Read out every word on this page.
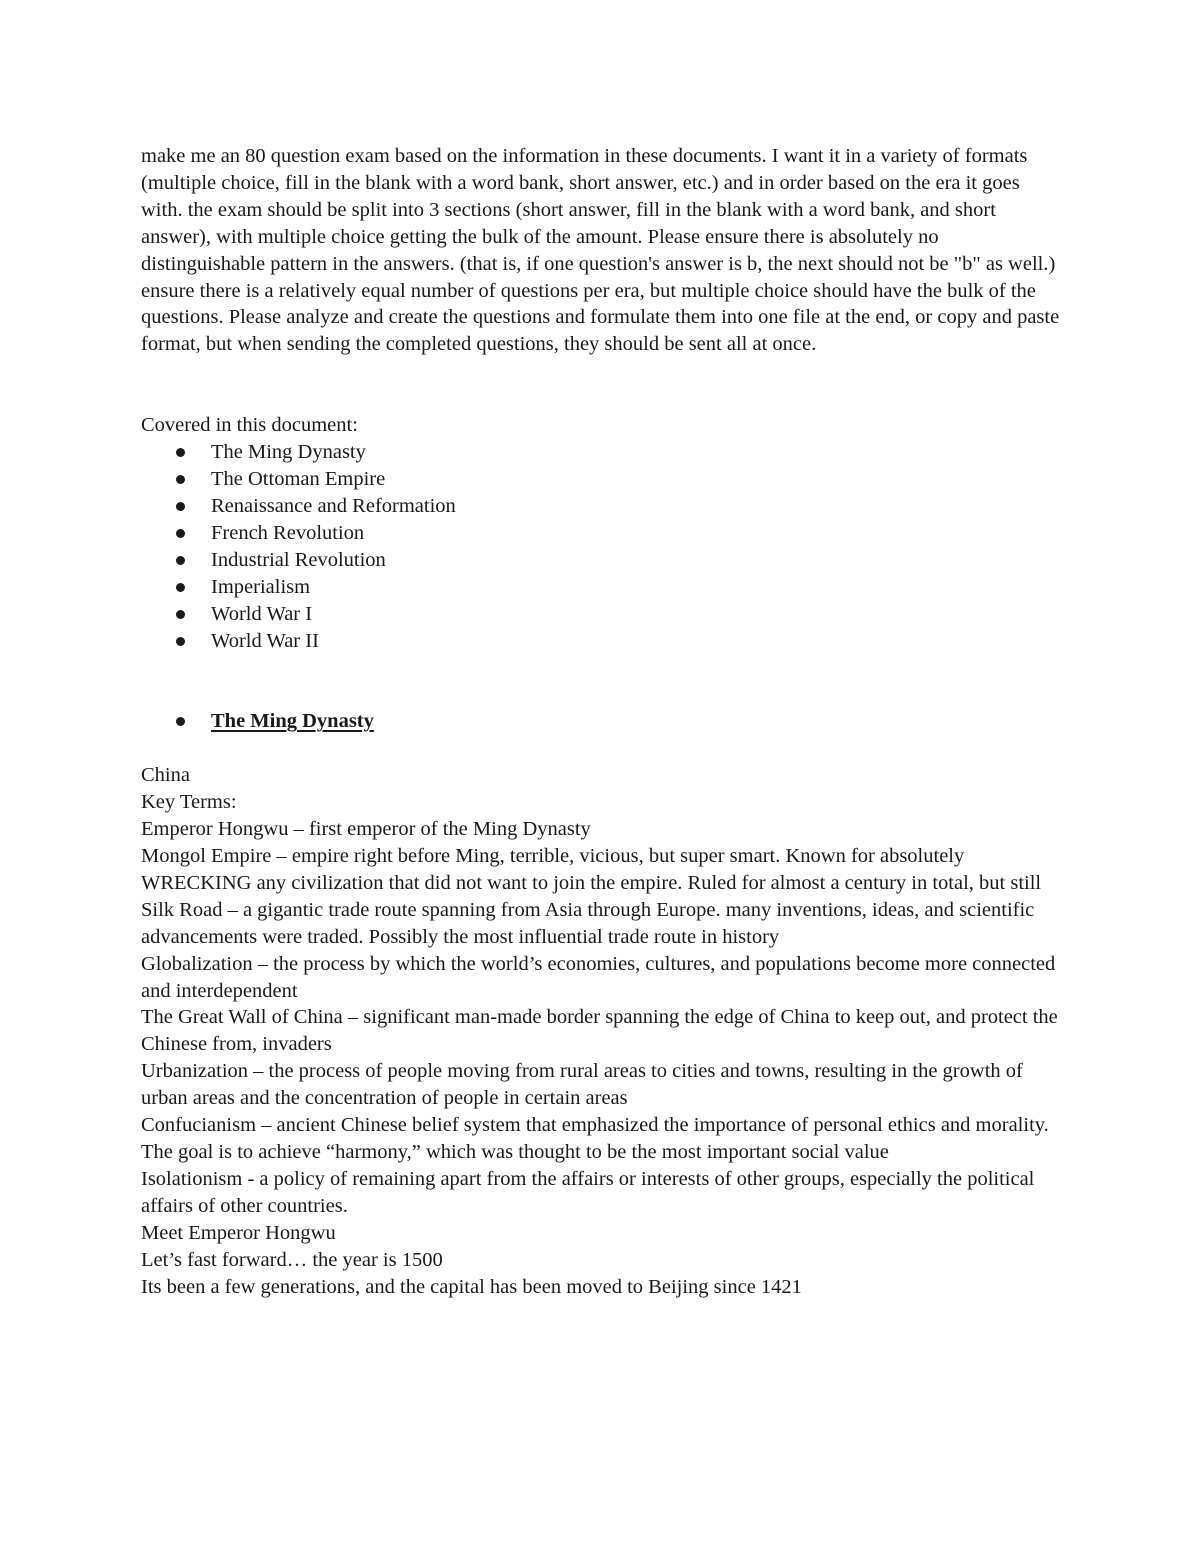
make me an 80 question exam based on the information in these documents. I want it in a variety of formats (multiple choice, fill in the blank with a word bank, short answer, etc.) and in order based on the era it goes with. the exam should be split into 3 sections (short answer, fill in the blank with a word bank, and short answer), with multiple choice getting the bulk of the amount. Please ensure there is absolutely no distinguishable pattern in the answers. (that is, if one question's answer is b, the next should not be "b" as well.) ensure there is a relatively equal number of questions per era, but multiple choice should have the bulk of the questions. Please analyze and create the questions and formulate them into one file at the end, or copy and paste format, but when sending the completed questions, they should be sent all at once.

Covered in this document:

The Ming Dynasty
The Ottoman Empire
Renaissance and Reformation
French Revolution
Industrial Revolution
Imperialism
World War I
World War II
The Ming Dynasty
China
Key Terms:
Emperor Hongwu – first emperor of the Ming Dynasty
Mongol Empire – empire right before Ming, terrible, vicious, but super smart. Known for absolutely WRECKING any civilization that did not want to join the empire. Ruled for almost a century in total, but still
Silk Road – a gigantic trade route spanning from Asia through Europe. many inventions, ideas, and scientific advancements were traded. Possibly the most influential trade route in history
Globalization – the process by which the world’s economies, cultures, and populations become more connected and interdependent
The Great Wall of China – significant man-made border spanning the edge of China to keep out, and protect the Chinese from, invaders
Urbanization – the process of people moving from rural areas to cities and towns, resulting in the growth of urban areas and the concentration of people in certain areas
Confucianism – ancient Chinese belief system that emphasized the importance of personal ethics and morality. The goal is to achieve “harmony,” which was thought to be the most important social value
Isolationism - a policy of remaining apart from the affairs or interests of other groups, especially the political affairs of other countries.
Meet Emperor Hongwu
Let’s fast forward… the year is 1500
Its been a few generations, and the capital has been moved to Beijing since 1421
